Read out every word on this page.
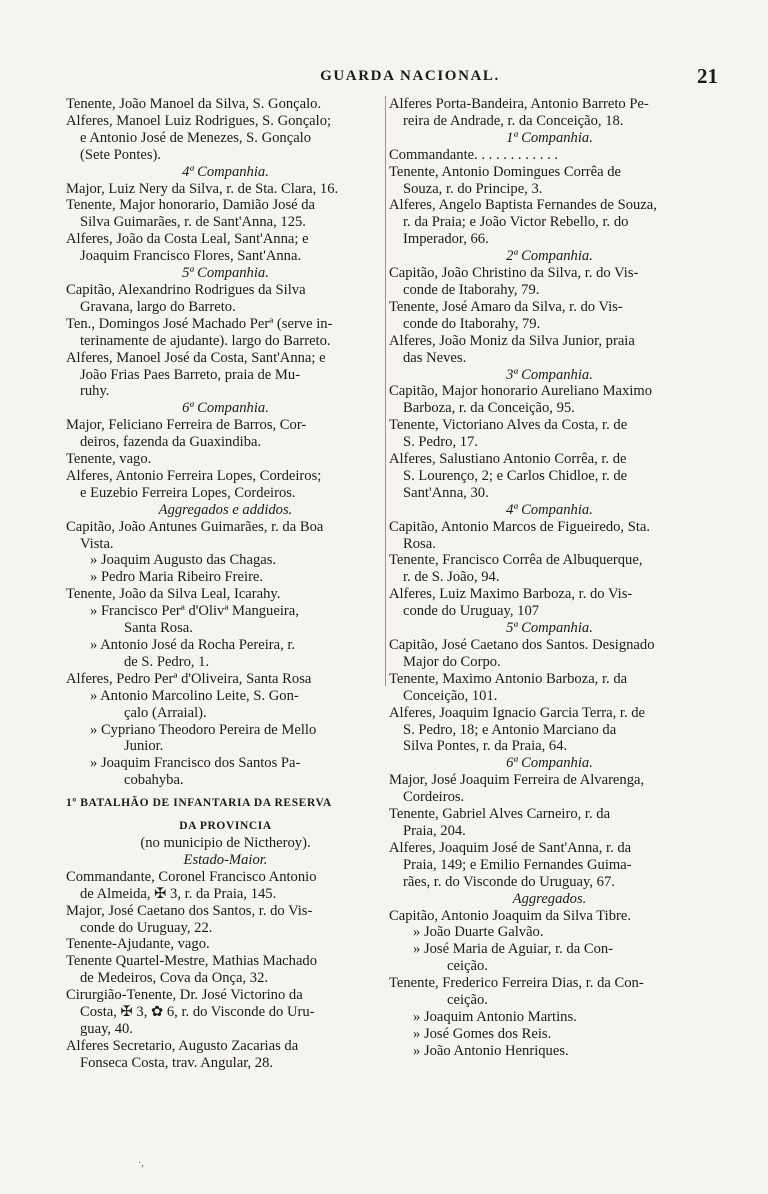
GUARDA NACIONAL.	21
Tenente, João Manoel da Silva, S. Gonçalo.
Alferes, Manoel Luiz Rodrigues, S. Gonçalo;
e Antonio José de Menezes, S. Gonçalo
(Sete Pontes).
4ª Companhia.
Major, Luiz Nery da Silva, r. de Sta. Clara, 16.
Tenente, Major honorario, Damião José da
Silva Guimarães, r. de Sant'Anna, 125.
Alferes, João da Costa Leal, Sant'Anna; e
Joaquim Francisco Flores, Sant'Anna.
5ª Companhia.
Capitão, Alexandrino Rodrigues da Silva
Gravana, largo do Barreto.
Ten., Domingos José Machado Perª (serve in-
terinamente de ajudante). largo do Barreto.
Alferes, Manoel José da Costa, Sant'Anna; e
João Frias Paes Barreto, praia de Mu-
ruhy.
6ª Companhia.
Major, Feliciano Ferreira de Barros, Cor-
deiros, fazenda da Guaxindiba.
Tenente, vago.
Alferes, Antonio Ferreira Lopes, Cordeiros;
e Euzebio Ferreira Lopes, Cordeiros.
Aggregados e addidos.
Capitão, João Antunes Guimarães, r. da Boa
Vista.
» Joaquim Augusto das Chagas.
» Pedro Maria Ribeiro Freire.
Tenente, João da Silva Leal, Icarahy.
» Francisco Perª d'Olivª Mangueira,
Santa Rosa.
» Antonio José da Rocha Pereira, r.
de S. Pedro, 1.
Alferes, Pedro Perª d'Oliveira, Santa Rosa
» Antonio Marcolino Leite, S. Gon-
çalo (Arraial).
» Cypriano Theodoro Pereira de Mello
Junior.
» Joaquim Francisco dos Santos Pa-
cobahyba.
1º BATALHÃO DE INFANTARIA DA RESERVA
DA PROVINCIA
(no municipio de Nictheroy).
Estado-Maior.
Commandante, Coronel Francisco Antonio
de Almeida, ✠ 3, r. da Praia, 145.
Major, José Caetano dos Santos, r. do Vis-
conde do Uruguay, 22.
Tenente-Ajudante, vago.
Tenente Quartel-Mestre, Mathias Machado
de Medeiros, Cova da Onça, 32.
Cirurgião-Tenente, Dr. José Victorino da
Costa, ✠ 3, ✿ 6, r. do Visconde do Uru-
guay, 40.
Alferes Secretario, Augusto Zacarias da
Fonseca Costa, trav. Angular, 28.
Alferes Porta-Bandeira, Antonio Barreto Pe-
reira de Andrade, r. da Conceição, 18.
1ª Companhia.
Commandante. . . . . . . . . . . .
Tenente, Antonio Domingues Corrêa de
Souza, r. do Principe, 3.
Alferes, Angelo Baptista Fernandes de Souza,
r. da Praia; e João Victor Rebello, r. do
Imperador, 66.
2ª Companhia.
Capitão, João Christino da Silva, r. do Vis-
conde de Itaborahy, 79.
Tenente, José Amaro da Silva, r. do Vis-
conde do Itaborahy, 79.
Alferes, João Moniz da Silva Junior, praia
das Neves.
3ª Companhia.
Capitão, Major honorario Aureliano Maximo
Barboza, r. da Conceição, 95.
Tenente, Victoriano Alves da Costa, r. de
S. Pedro, 17.
Alferes, Salustiano Antonio Corrêa, r. de
S. Lourenço, 2; e Carlos Chidloe, r. de
Sant'Anna, 30.
4ª Companhia.
Capitão, Antonio Marcos de Figueiredo, Sta.
Rosa.
Tenente, Francisco Corrêa de Albuquerque,
r. de S. João, 94.
Alferes, Luiz Maximo Barboza, r. do Vis-
conde do Uruguay, 107
5ª Companhia.
Capitão, José Caetano dos Santos. Designado
Major do Corpo.
Tenente, Maximo Antonio Barboza, r. da
Conceição, 101.
Alferes, Joaquim Ignacio Garcia Terra, r. de
S. Pedro, 18; e Antonio Marciano da
Silva Pontes, r. da Praia, 64.
6ª Companhia.
Major, José Joaquim Ferreira de Alvarenga,
Cordeiros.
Tenente, Gabriel Alves Carneiro, r. da
Praia, 204.
Alferes, Joaquim José de Sant'Anna, r. da
Praia, 149; e Emilio Fernandes Guima-
rães, r. do Visconde do Uruguay, 67.
Aggregados.
Capitão, Antonio Joaquim da Silva Tibre.
» João Duarte Galvão.
» José Maria de Aguiar, r. da Con-
ceição.
Tenente, Frederico Ferreira Dias, r. da Con-
ceição.
» Joaquim Antonio Martins.
» José Gomes dos Reis.
» João Antonio Henriques.
·,
